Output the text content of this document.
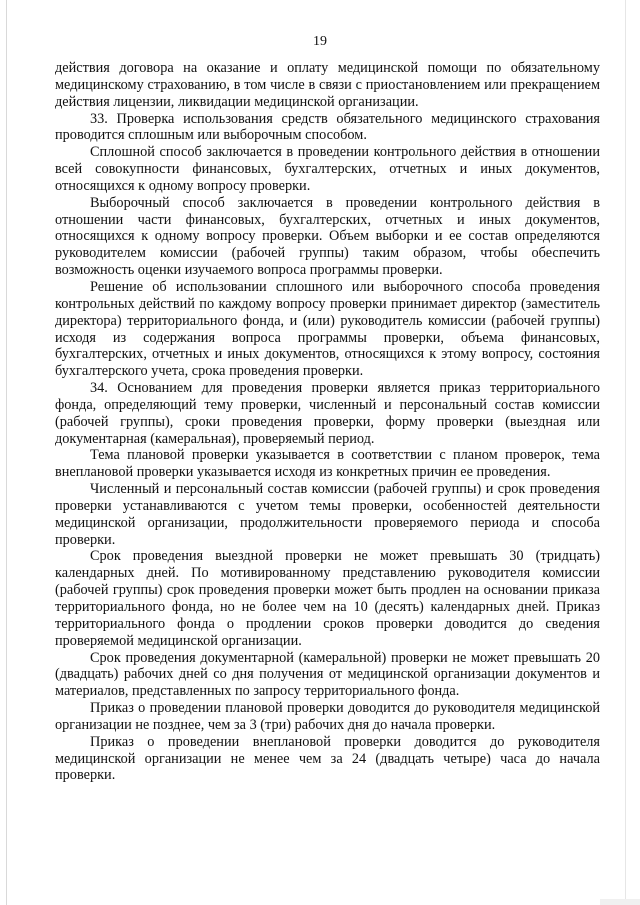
19

действия договора на оказание и оплату медицинской помощи по обязательному медицинскому страхованию, в том числе в связи с приостановлением или прекращением действия лицензии, ликвидации медицинской организации.

33. Проверка использования средств обязательного медицинского страхования проводится сплошным или выборочным способом.

Сплошной способ заключается в проведении контрольного действия в отношении всей совокупности финансовых, бухгалтерских, отчетных и иных документов, относящихся к одному вопросу проверки.

Выборочный способ заключается в проведении контрольного действия в отношении части финансовых, бухгалтерских, отчетных и иных документов, относящихся к одному вопросу проверки. Объем выборки и ее состав определяются руководителем комиссии (рабочей группы) таким образом, чтобы обеспечить возможность оценки изучаемого вопроса программы проверки.

Решение об использовании сплошного или выборочного способа проведения контрольных действий по каждому вопросу проверки принимает директор (заместитель директора) территориального фонда, и (или) руководитель комиссии (рабочей группы) исходя из содержания вопроса программы проверки, объема финансовых, бухгалтерских, отчетных и иных документов, относящихся к этому вопросу, состояния бухгалтерского учета, срока проведения проверки.

34. Основанием для проведения проверки является приказ территориального фонда, определяющий тему проверки, численный и персональный состав комиссии (рабочей группы), сроки проведения проверки, форму проверки (выездная или документарная (камеральная), проверяемый период.

Тема плановой проверки указывается в соответствии с планом проверок, тема внеплановой проверки указывается исходя из конкретных причин ее проведения.

Численный и персональный состав комиссии (рабочей группы) и срок проведения проверки устанавливаются с учетом темы проверки, особенностей деятельности медицинской организации, продолжительности проверяемого периода и способа проверки.

Срок проведения выездной проверки не может превышать 30 (тридцать) календарных дней. По мотивированному представлению руководителя комиссии (рабочей группы) срок проведения проверки может быть продлен на основании приказа территориального фонда, но не более чем на 10 (десять) календарных дней. Приказ территориального фонда о продлении сроков проверки доводится до сведения проверяемой медицинской организации.

Срок проведения документарной (камеральной) проверки не может превышать 20 (двадцать) рабочих дней со дня получения от медицинской организации документов и материалов, представленных по запросу территориального фонда.

Приказ о проведении плановой проверки доводится до руководителя медицинской организации не позднее, чем за 3 (три) рабочих дня до начала проверки.

Приказ о проведении внеплановой проверки доводится до руководителя медицинской организации не менее чем за 24 (двадцать четыре) часа до начала проверки.
